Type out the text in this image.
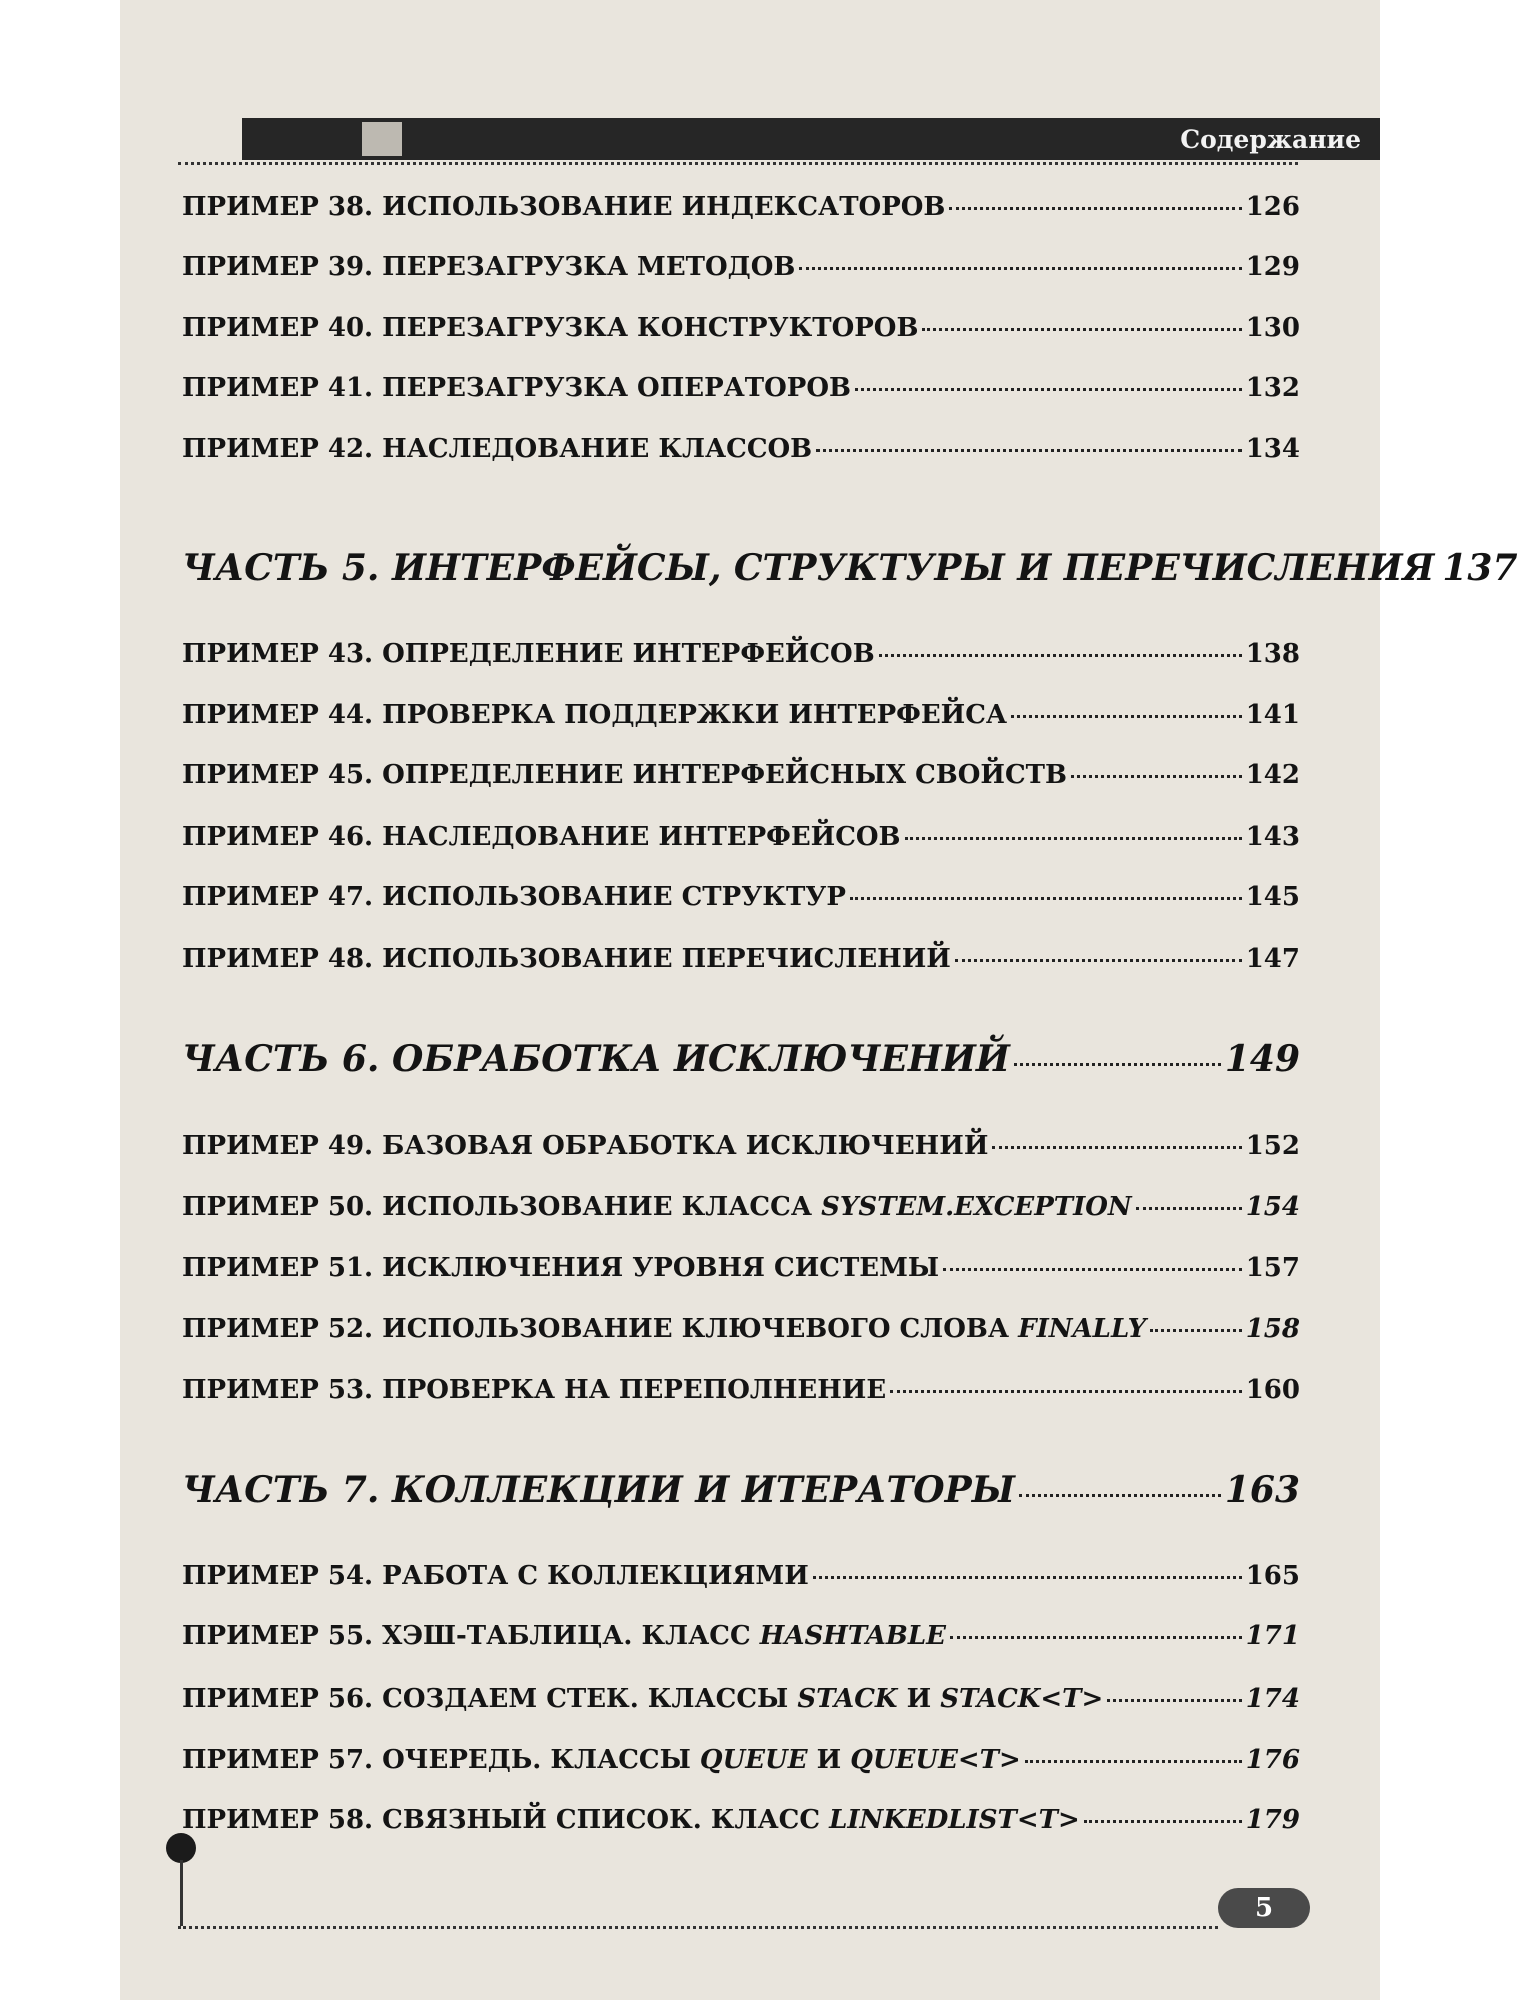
Содержание
ПРИМЕР 38. ИСПОЛЬЗОВАНИЕ ИНДЕКСАТОРОВ	126
ПРИМЕР 39. ПЕРЕЗАГРУЗКА МЕТОДОВ	129
ПРИМЕР 40. ПЕРЕЗАГРУЗКА КОНСТРУКТОРОВ	130
ПРИМЕР 41. ПЕРЕЗАГРУЗКА ОПЕРАТОРОВ	132
ПРИМЕР 42. НАСЛЕДОВАНИЕ КЛАССОВ	134
ЧАСТЬ 5. ИНТЕРФЕЙСЫ, СТРУКТУРЫ И ПЕРЕЧИСЛЕНИЯ 137
ПРИМЕР 43. ОПРЕДЕЛЕНИЕ ИНТЕРФЕЙСОВ	138
ПРИМЕР 44. ПРОВЕРКА ПОДДЕРЖКИ ИНТЕРФЕЙСА	141
ПРИМЕР 45. ОПРЕДЕЛЕНИЕ ИНТЕРФЕЙСНЫХ СВОЙСТВ	142
ПРИМЕР 46. НАСЛЕДОВАНИЕ ИНТЕРФЕЙСОВ	143
ПРИМЕР 47. ИСПОЛЬЗОВАНИЕ СТРУКТУР	145
ПРИМЕР 48. ИСПОЛЬЗОВАНИЕ ПЕРЕЧИСЛЕНИЙ	147
ЧАСТЬ 6. ОБРАБОТКА ИСКЛЮЧЕНИЙ	149
ПРИМЕР 49. БАЗОВАЯ ОБРАБОТКА ИСКЛЮЧЕНИЙ	152
ПРИМЕР 50. ИСПОЛЬЗОВАНИЕ КЛАССА SYSTEM.EXCEPTION	154
ПРИМЕР 51. ИСКЛЮЧЕНИЯ УРОВНЯ СИСТЕМЫ	157
ПРИМЕР 52. ИСПОЛЬЗОВАНИЕ КЛЮЧЕВОГО СЛОВА FINALLY	158
ПРИМЕР 53. ПРОВЕРКА НА ПЕРЕПОЛНЕНИЕ	160
ЧАСТЬ 7. КОЛЛЕКЦИИ И ИТЕРАТОРЫ	163
ПРИМЕР 54. РАБОТА С КОЛЛЕКЦИЯМИ	165
ПРИМЕР 55. ХЭШ-ТАБЛИЦА. КЛАСС HASHTABLE	171
ПРИМЕР 56. СОЗДАЕМ СТЕК. КЛАССЫ STACK И STACK<T>	174
ПРИМЕР 57. ОЧЕРЕДЬ. КЛАССЫ QUEUE И QUEUE<T>	176
ПРИМЕР 58. СВЯЗНЫЙ СПИСОК. КЛАСС LINKEDLIST<T>	179
5
